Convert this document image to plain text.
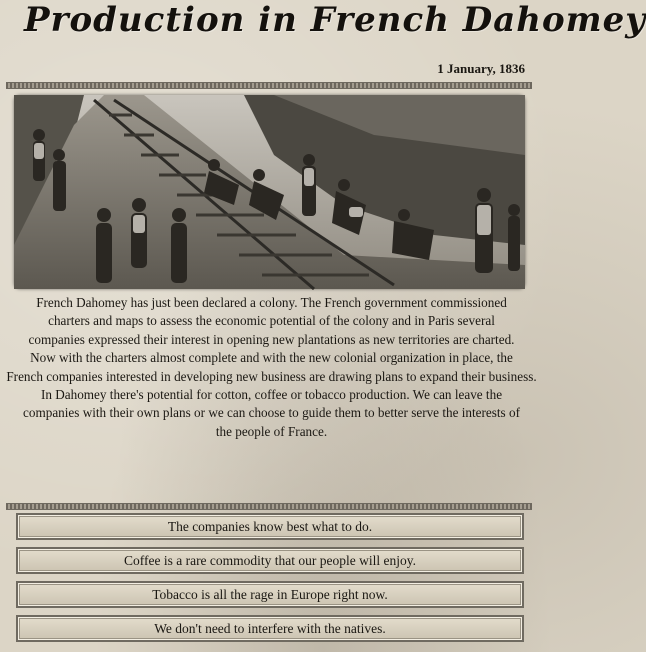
Production in French Dahomey
1 January, 1836
French Dahomey has just been declared a colony. The French government commissioned
charters and maps to assess the economic potential of the colony and in Paris several
companies expressed their interest in opening new plantations as new territories are charted.
Now with the charters almost complete and with the new colonial organization in place, the
French companies interested in developing new business are drawing plans to expand their business.
In Dahomey there's potential for cotton, coffee or tobacco production. We can leave the
companies with their own plans or we can choose to guide them to better serve the interests of
the people of France.
The companies know best what to do.
Coffee is a rare commodity that our people will enjoy.
Tobacco is all the rage in Europe right now.
We don't need to interfere with the natives.
